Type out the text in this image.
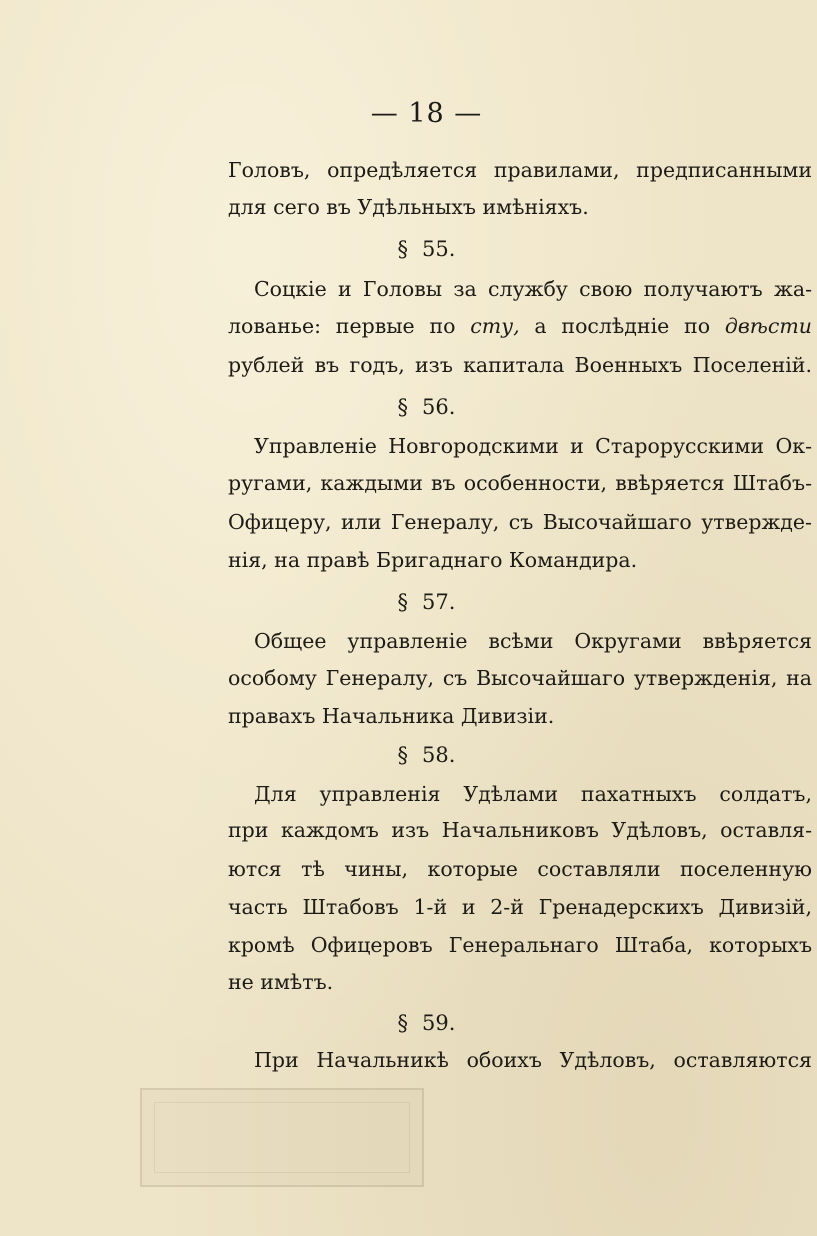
— 18 —
Головъ, опредѣляется правилами, предписанными
для сего въ Удѣльныхъ имѣніяхъ.
§ 55.
Соцкіе и Головы за службу свою получаютъ жа-
лованье: первые по сту, а послѣдніе по двѣсти
рублей въ годъ, изъ капитала Военныхъ Поселеній.
§ 56.
Управленіе Новгородскими и Старорусскими Ок-
ругами, каждыми въ особенности, ввѣряется Штабъ-
Офицеру, или Генералу, съ Высочайшаго утвержде-
нія, на правѣ Бригаднаго Командира.
§ 57.
Общее управленіе всѣми Округами ввѣряется
особому Генералу, съ Высочайшаго утвержденія, на
правахъ Начальника Дивизіи.
§ 58.
Для управленія Удѣлами пахатныхъ солдатъ,
при каждомъ изъ Начальниковъ Удѣловъ, оставля-
ются тѣ чины, которые составляли поселенную
часть Штабовъ 1-й и 2-й Гренадерскихъ Дивизій,
кромѣ Офицеровъ Генеральнаго Штаба, которыхъ
не имѣтъ.
§ 59.
При Начальникѣ обоихъ Удѣловъ, оставляются
